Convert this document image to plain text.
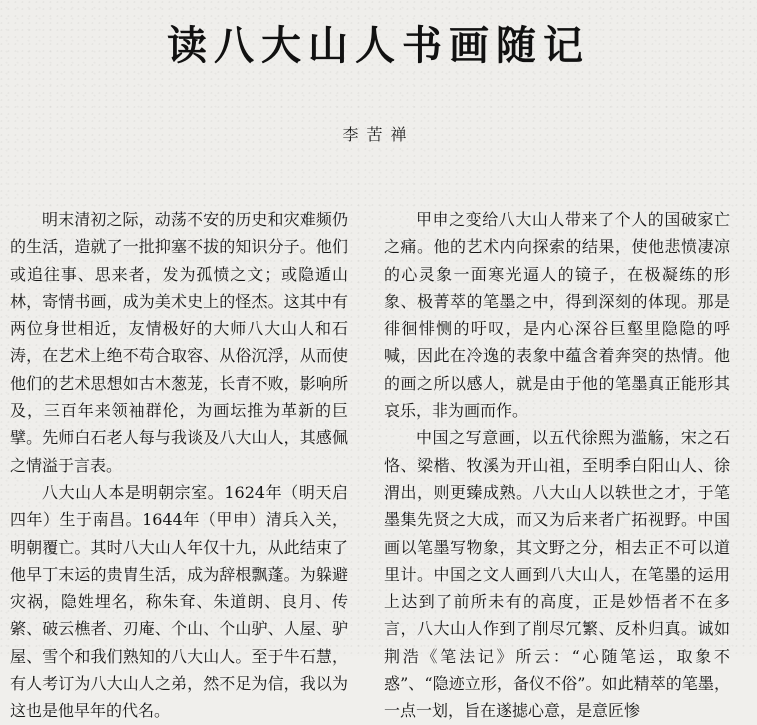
读八大山人书画随记
李苦禅

明末清初之际，动荡不安的历史和灾难频仍的生活，造就了一批抑塞不拔的知识分子。他们或追往事、思来者，发为孤愤之文；或隐遁山林，寄情书画，成为美术史上的怪杰。这其中有两位身世相近，友情极好的大师八大山人和石涛，在艺术上绝不苟合取容、从俗沉浮，从而使他们的艺术思想如古木葱茏，长青不败，影响所及，三百年来领袖群伦，为画坛推为革新的巨擘。先师白石老人每与我谈及八大山人，其感佩之情溢于言表。

八大山人本是明朝宗室。1624年（明天启四年）生于南昌。1644年（甲申）清兵入关，明朝覆亡。其时八大山人年仅十九，从此结束了他早丁末运的贵胄生活，成为辞根飘蓬。为躲避灾祸，隐姓埋名，称朱耷、朱道朗、良月、传綮、破云樵者、刃庵、个山、个山驴、人屋、驴屋、雪个和我们熟知的八大山人。至于牛石慧，有人考订为八大山人之弟，然不足为信，我以为这也是他早年的代名。

甲申之变给八大山人带来了个人的国破家亡之痛。他的艺术内向探索的结果，使他悲愤凄凉的心灵象一面寒光逼人的镜子，在极凝练的形象、极菁萃的笔墨之中，得到深刻的体现。那是徘徊悱恻的吁叹，是内心深谷巨壑里隐隐的呼喊，因此在冷逸的表象中蕴含着奔突的热情。他的画之所以感人，就是由于他的笔墨真正能形其哀乐，非为画而作。

中国之写意画，以五代徐熙为滥觞，宋之石恪、梁楷、牧溪为开山祖，至明季白阳山人、徐渭出，则更臻成熟。八大山人以轶世之才，于笔墨集先贤之大成，而又为后来者广拓视野。中国画以笔墨写物象，其文野之分，相去正不可以道里计。中国之文人画到八大山人，在笔墨的运用上达到了前所未有的高度，正是妙悟者不在多言，八大山人作到了削尽冗繁、反朴归真。诚如荆浩《笔法记》所云：“心随笔运，取象不惑”、“隐迹立形，备仪不俗”。如此精萃的笔墨，一点一划，旨在遂摅心意，是意匠惨
